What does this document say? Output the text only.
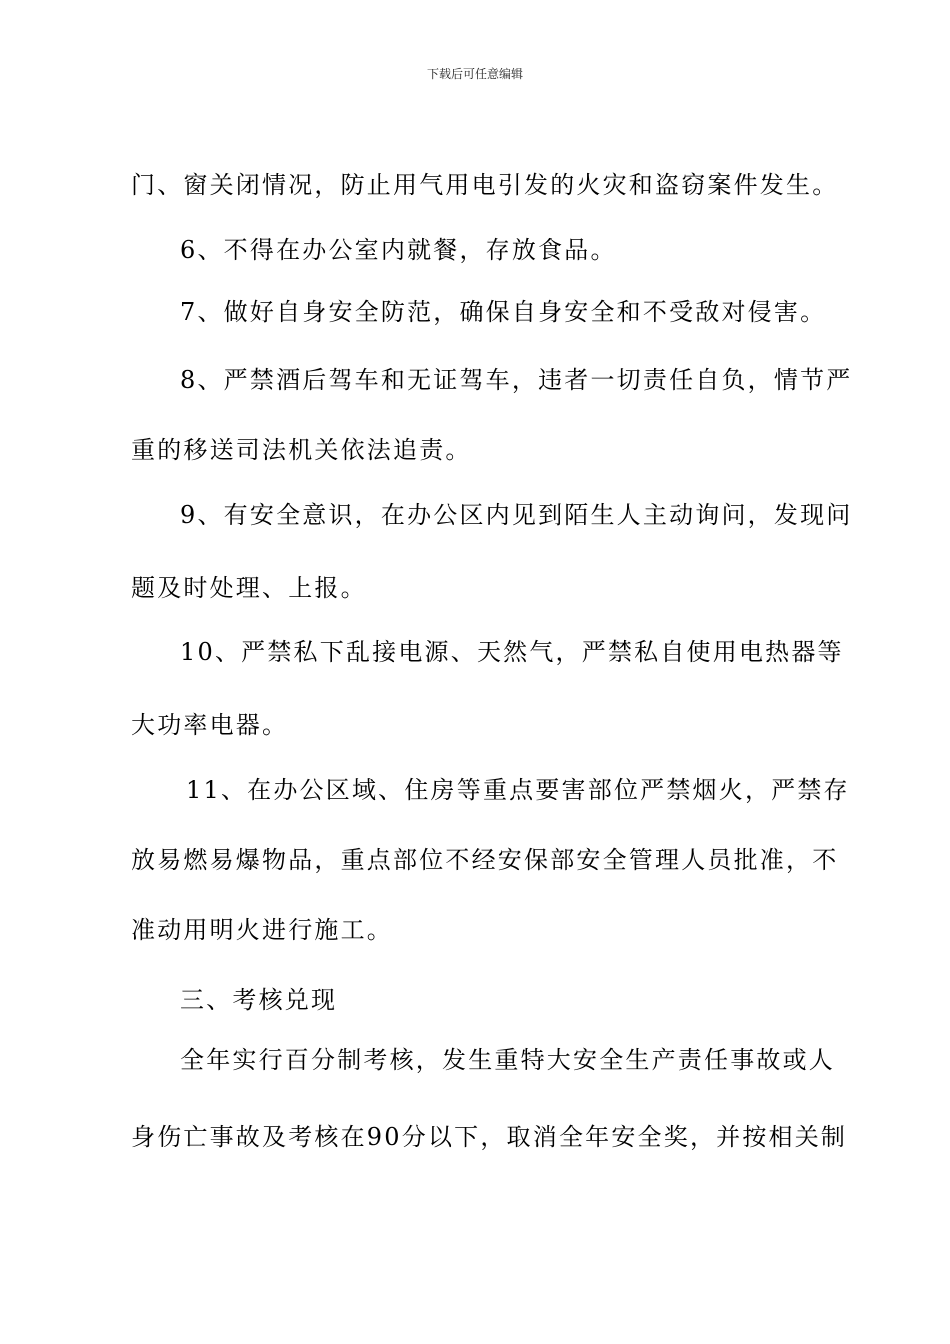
下载后可任意编辑
门、窗关闭情况，防止用气用电引发的火灾和盗窃案件发生。
6、不得在办公室内就餐，存放食品。
7、做好自身安全防范，确保自身安全和不受敌对侵害。
8、严禁酒后驾车和无证驾车，违者一切责任自负，情节严
重的移送司法机关依法追责。
9、有安全意识，在办公区内见到陌生人主动询问，发现问
题及时处理、上报。
10、严禁私下乱接电源、天然气，严禁私自使用电热器等
大功率电器。
11、在办公区域、住房等重点要害部位严禁烟火，严禁存
放易燃易爆物品，重点部位不经安保部安全管理人员批准，不
准动用明火进行施工。
三、考核兑现
全年实行百分制考核，发生重特大安全生产责任事故或人
身伤亡事故及考核在90分以下，取消全年安全奖，并按相关制
